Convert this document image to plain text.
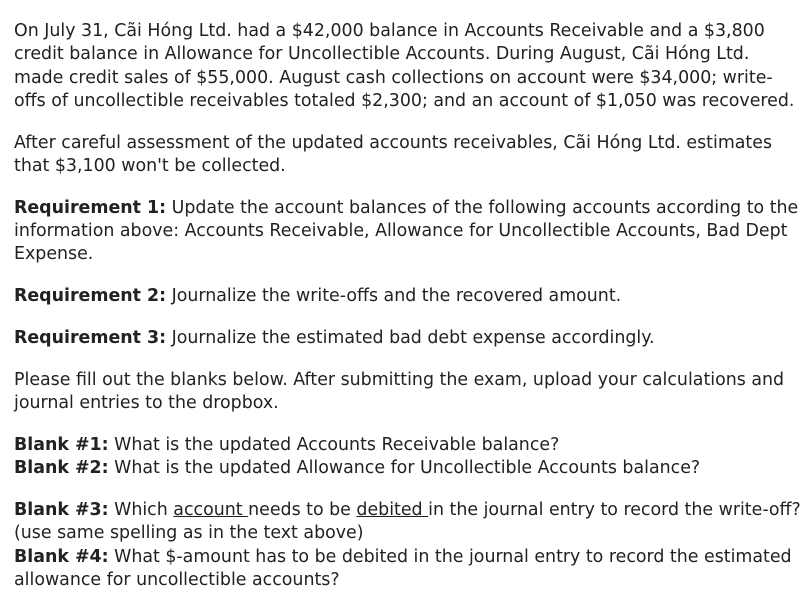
On July 31, Cãi Hóng Ltd. had a $42,000 balance in Accounts Receivable and a $3,800 credit balance in Allowance for Uncollectible Accounts. During August, Cãi Hóng Ltd. made credit sales of $55,000. August cash collections on account were $34,000; write-offs of uncollectible receivables totaled $2,300; and an account of $1,050 was recovered.

After careful assessment of the updated accounts receivables, Cãi Hóng Ltd. estimates that $3,100 won't be collected.

Requirement 1: Update the account balances of the following accounts according to the information above: Accounts Receivable, Allowance for Uncollectible Accounts, Bad Dept Expense.

Requirement 2: Journalize the write-offs and the recovered amount.

Requirement 3: Journalize the estimated bad debt expense accordingly.

Please fill out the blanks below. After submitting the exam, upload your calculations and journal entries to the dropbox.

Blank #1: What is the updated Accounts Receivable balance?

Blank #2: What is the updated Allowance for Uncollectible Accounts balance?

Blank #3: Which account needs to be debited in the journal entry to record the write-off? (use same spelling as in the text above)

Blank #4: What $-amount has to be debited in the journal entry to record the estimated allowance for uncollectible accounts?
